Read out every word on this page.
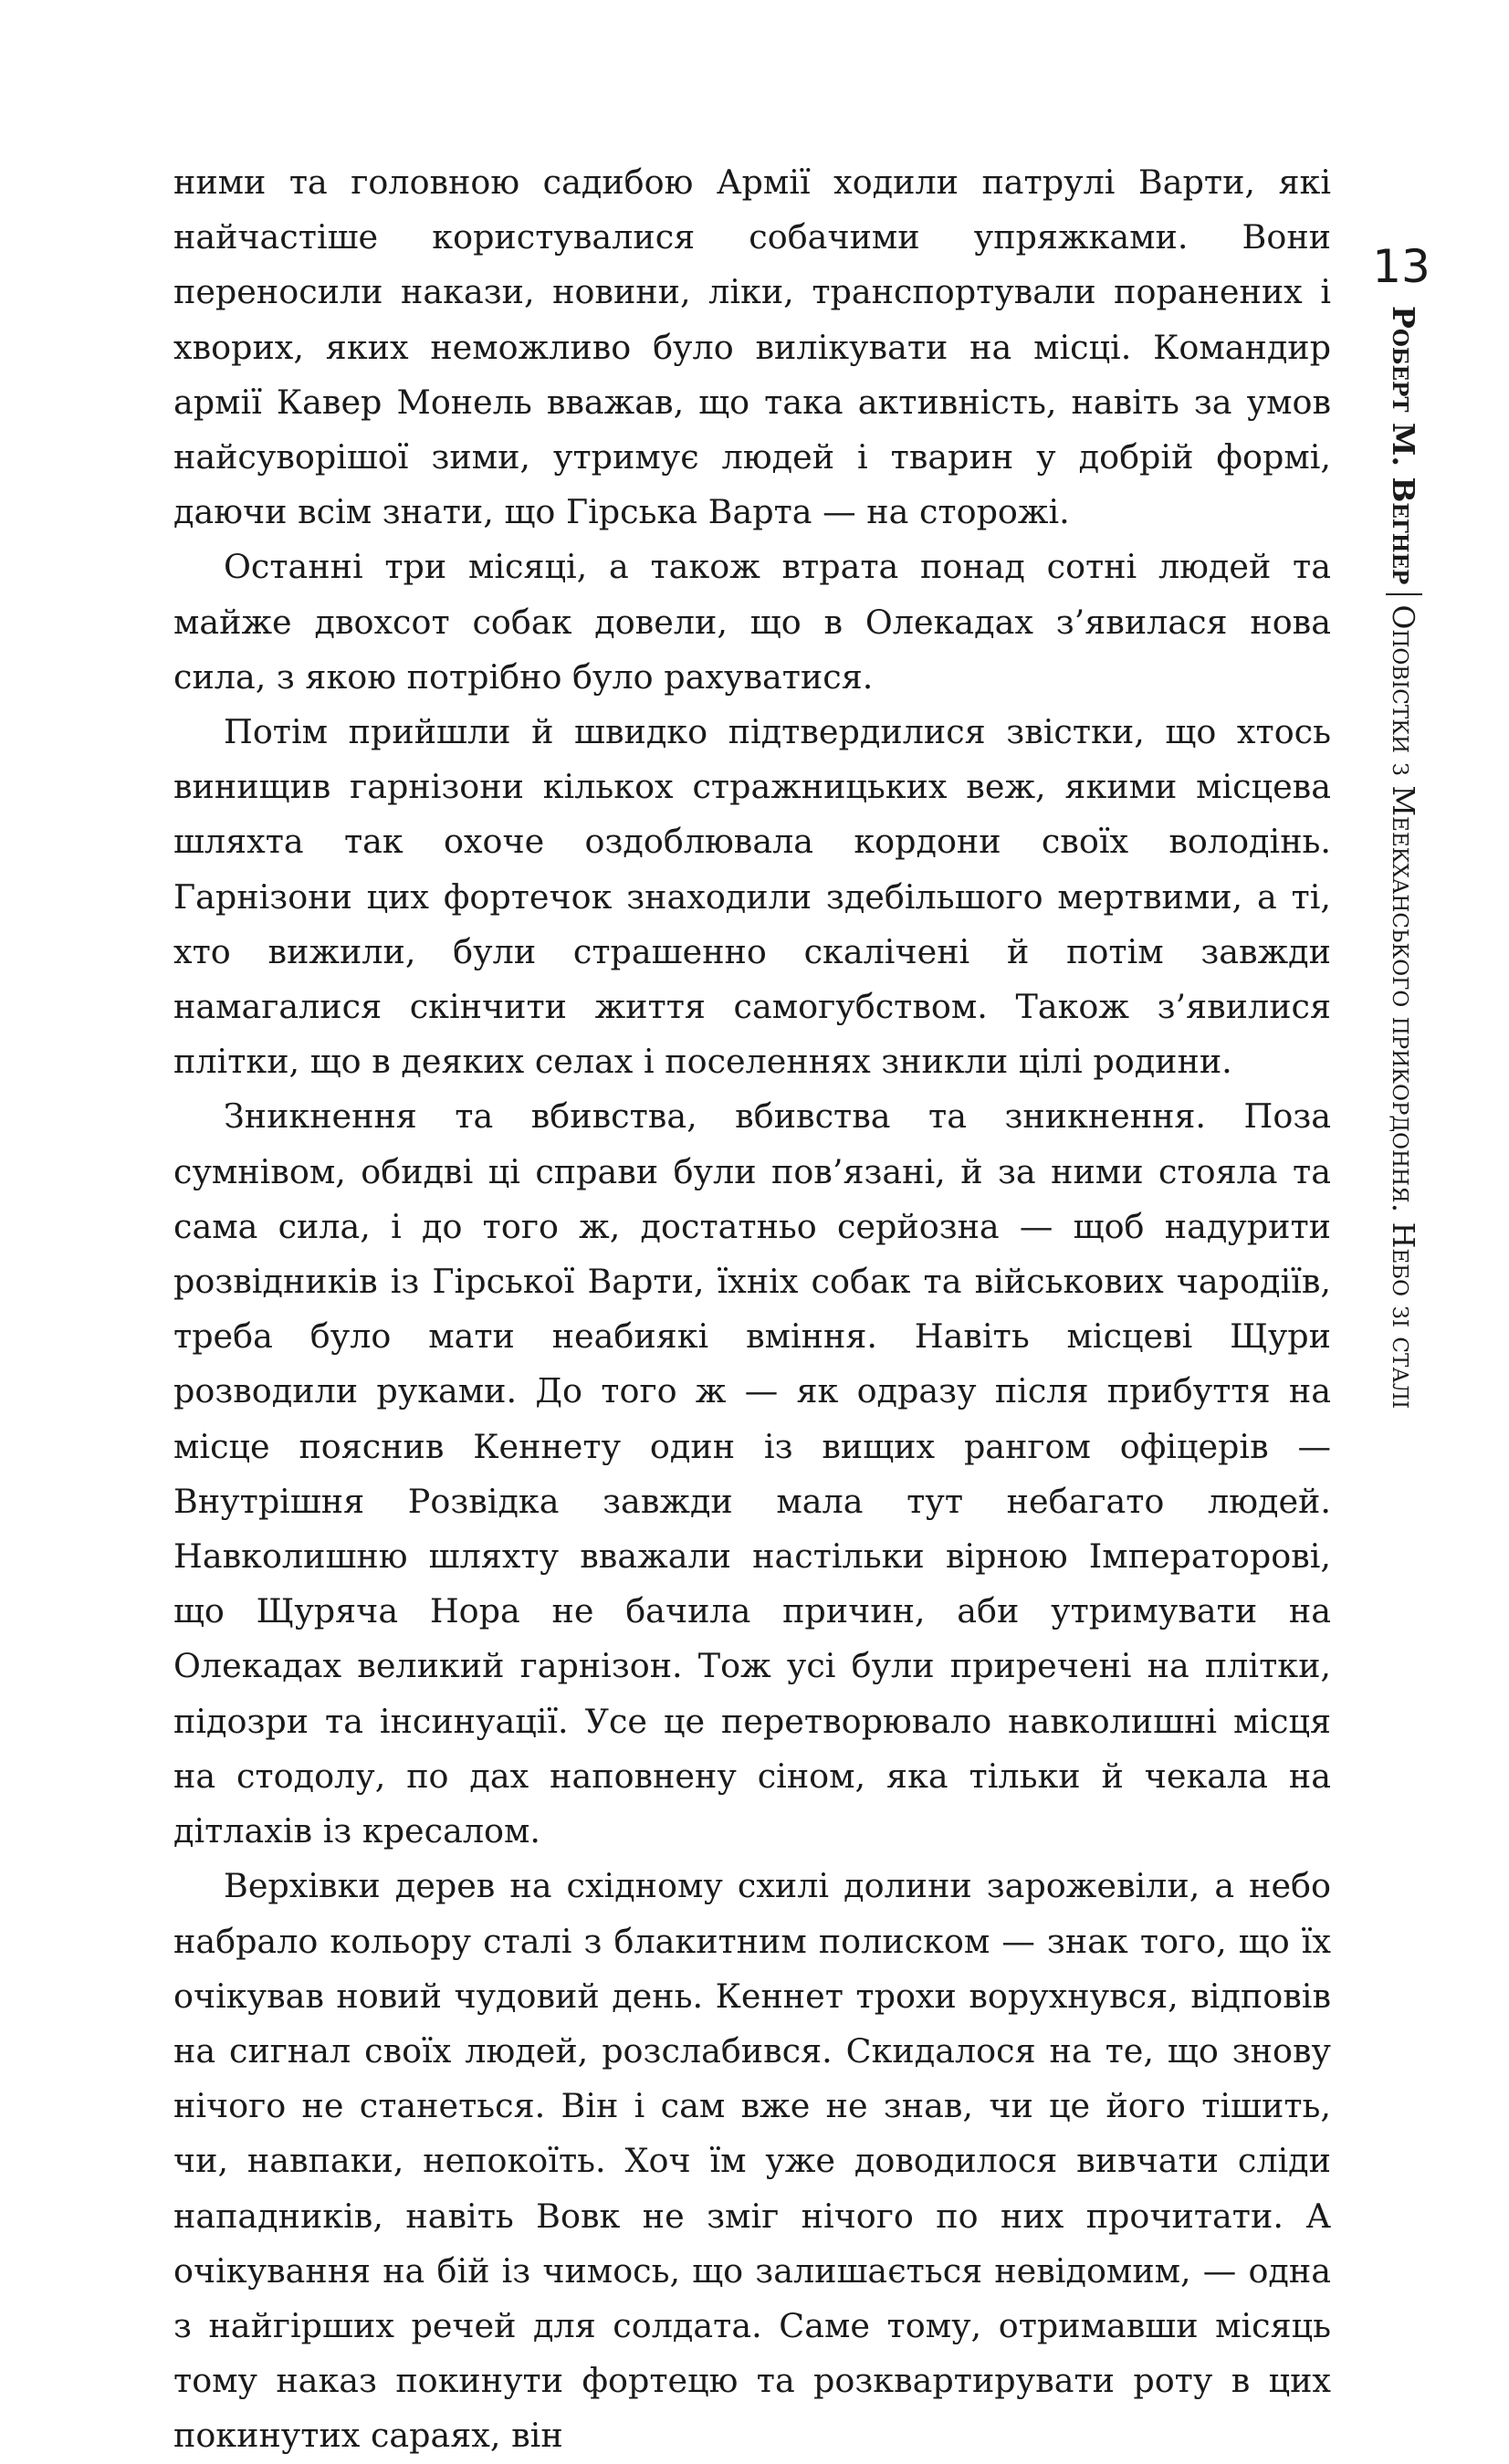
13
Роберт М. Вегнер
Оповістки з Меекханського прикордоння. Небо зі сталі

ними та головною садибою Армії ходили патрулі Варти, які найчастіше користувалися собачими упряжками. Вони переносили накази, новини, ліки, транспортували поранених і хворих, яких неможливо було вилікувати на місці. Командир армії Кавер Монель вважав, що така активність, навіть за умов найсуворішої зими, утримує людей і тварин у добрій формі, даючи всім знати, що Гірська Варта — на сторожі.

Останні три місяці, а також втрата понад сотні людей та майже двохсот собак довели, що в Олекадах з’явилася нова сила, з якою потрібно було рахуватися.

Потім прийшли й швидко підтвердилися звістки, що хтось винищив гарнізони кількох стражницьких веж, якими місцева шляхта так охоче оздоблювала кордони своїх володінь. Гарнізони цих фортечок знаходили здебільшого мертвими, а ті, хто вижили, були страшенно скалічені й потім завжди намагалися скінчити життя самогубством. Також з’явилися плітки, що в деяких селах і поселеннях зникли цілі родини.

Зникнення та вбивства, вбивства та зникнення. Поза сумнівом, обидві ці справи були пов’язані, й за ними стояла та сама сила, і до того ж, достатньо серйозна — щоб надурити розвідників із Гірської Варти, їхніх собак та військових чародіїв, треба було мати неабиякі вміння. Навіть місцеві Щури розводили руками. До того ж — як одразу після прибуття на місце пояснив Кеннету один із вищих рангом офіцерів — Внутрішня Розвідка завжди мала тут небагато людей. Навколишню шляхту вважали настільки вірною Імператорові, що Щуряча Нора не бачила причин, аби утримувати на Олекадах великий гарнізон. Тож усі були приречені на плітки, підозри та інсинуації. Усе це перетворювало навколишні місця на стодолу, по дах наповнену сіном, яка тільки й чекала на дітлахів із кресалом.

Верхівки дерев на східному схилі долини зарожевіли, а небо набрало кольору сталі з блакитним полиском — знак того, що їх очікував новий чудовий день. Кеннет трохи ворухнувся, відповів на сигнал своїх людей, розслабився. Скидалося на те, що знову нічого не станеться. Він і сам вже не знав, чи це його тішить, чи, навпаки, непокоїть. Хоч їм уже доводилося вивчати сліди нападників, навіть Вовк не зміг нічого по них прочитати. А очікування на бій із чимось, що залишається невідомим, — одна з найгірших речей для солдата. Саме тому, отримавши місяць тому наказ покинути фортецю та розквартирувати роту в цих покинутих сараях, він
